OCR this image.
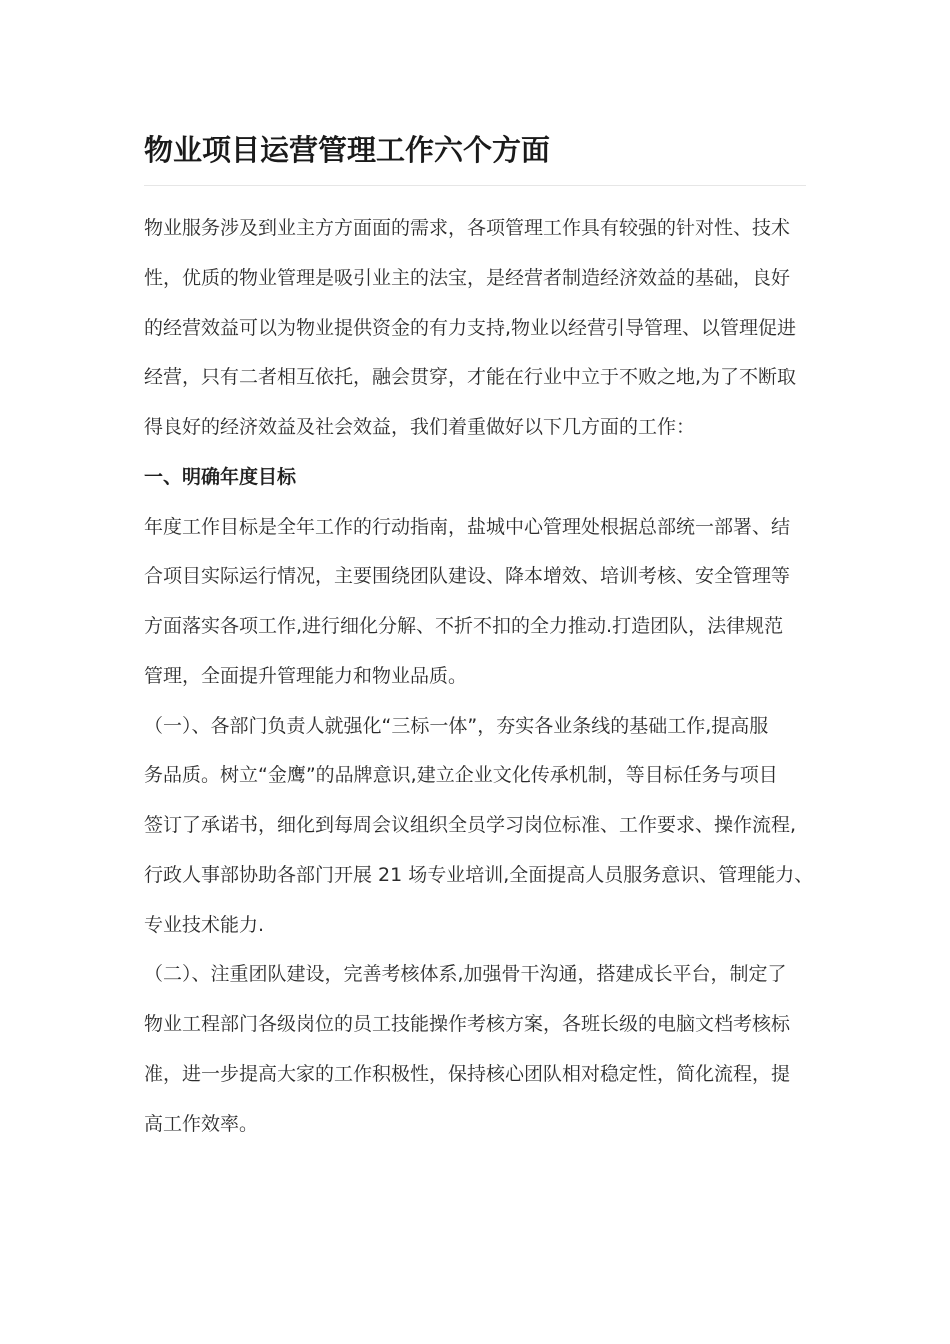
物业项目运营管理工作六个方面

物业服务涉及到业主方方面面的需求，各项管理工作具有较强的针对性、技术

性，优质的物业管理是吸引业主的法宝，是经营者制造经济效益的基础，良好

的经营效益可以为物业提供资金的有力支持,物业以经营引导管理、以管理促进

经营，只有二者相互依托，融会贯穿，才能在行业中立于不败之地,为了不断取

得良好的经济效益及社会效益，我们着重做好以下几方面的工作：

一、明确年度目标

年度工作目标是全年工作的行动指南，盐城中心管理处根据总部统一部署、结

合项目实际运行情况，主要围绕团队建设、降本增效、培训考核、安全管理等

方面落实各项工作,进行细化分解、不折不扣的全力推动.打造团队，法律规范

管理，全面提升管理能力和物业品质。

（一）、各部门负责人就强化“三标一体”，夯实各业条线的基础工作,提高服

务品质。树立“金鹰”的品牌意识,建立企业文化传承机制，等目标任务与项目

签订了承诺书，细化到每周会议组织全员学习岗位标准、工作要求、操作流程,

行政人事部协助各部门开展 21 场专业培训,全面提高人员服务意识、管理能力、

专业技术能力.

（二）、注重团队建设，完善考核体系,加强骨干沟通，搭建成长平台，制定了

物业工程部门各级岗位的员工技能操作考核方案，各班长级的电脑文档考核标

准，进一步提高大家的工作积极性，保持核心团队相对稳定性，简化流程，提

高工作效率。
